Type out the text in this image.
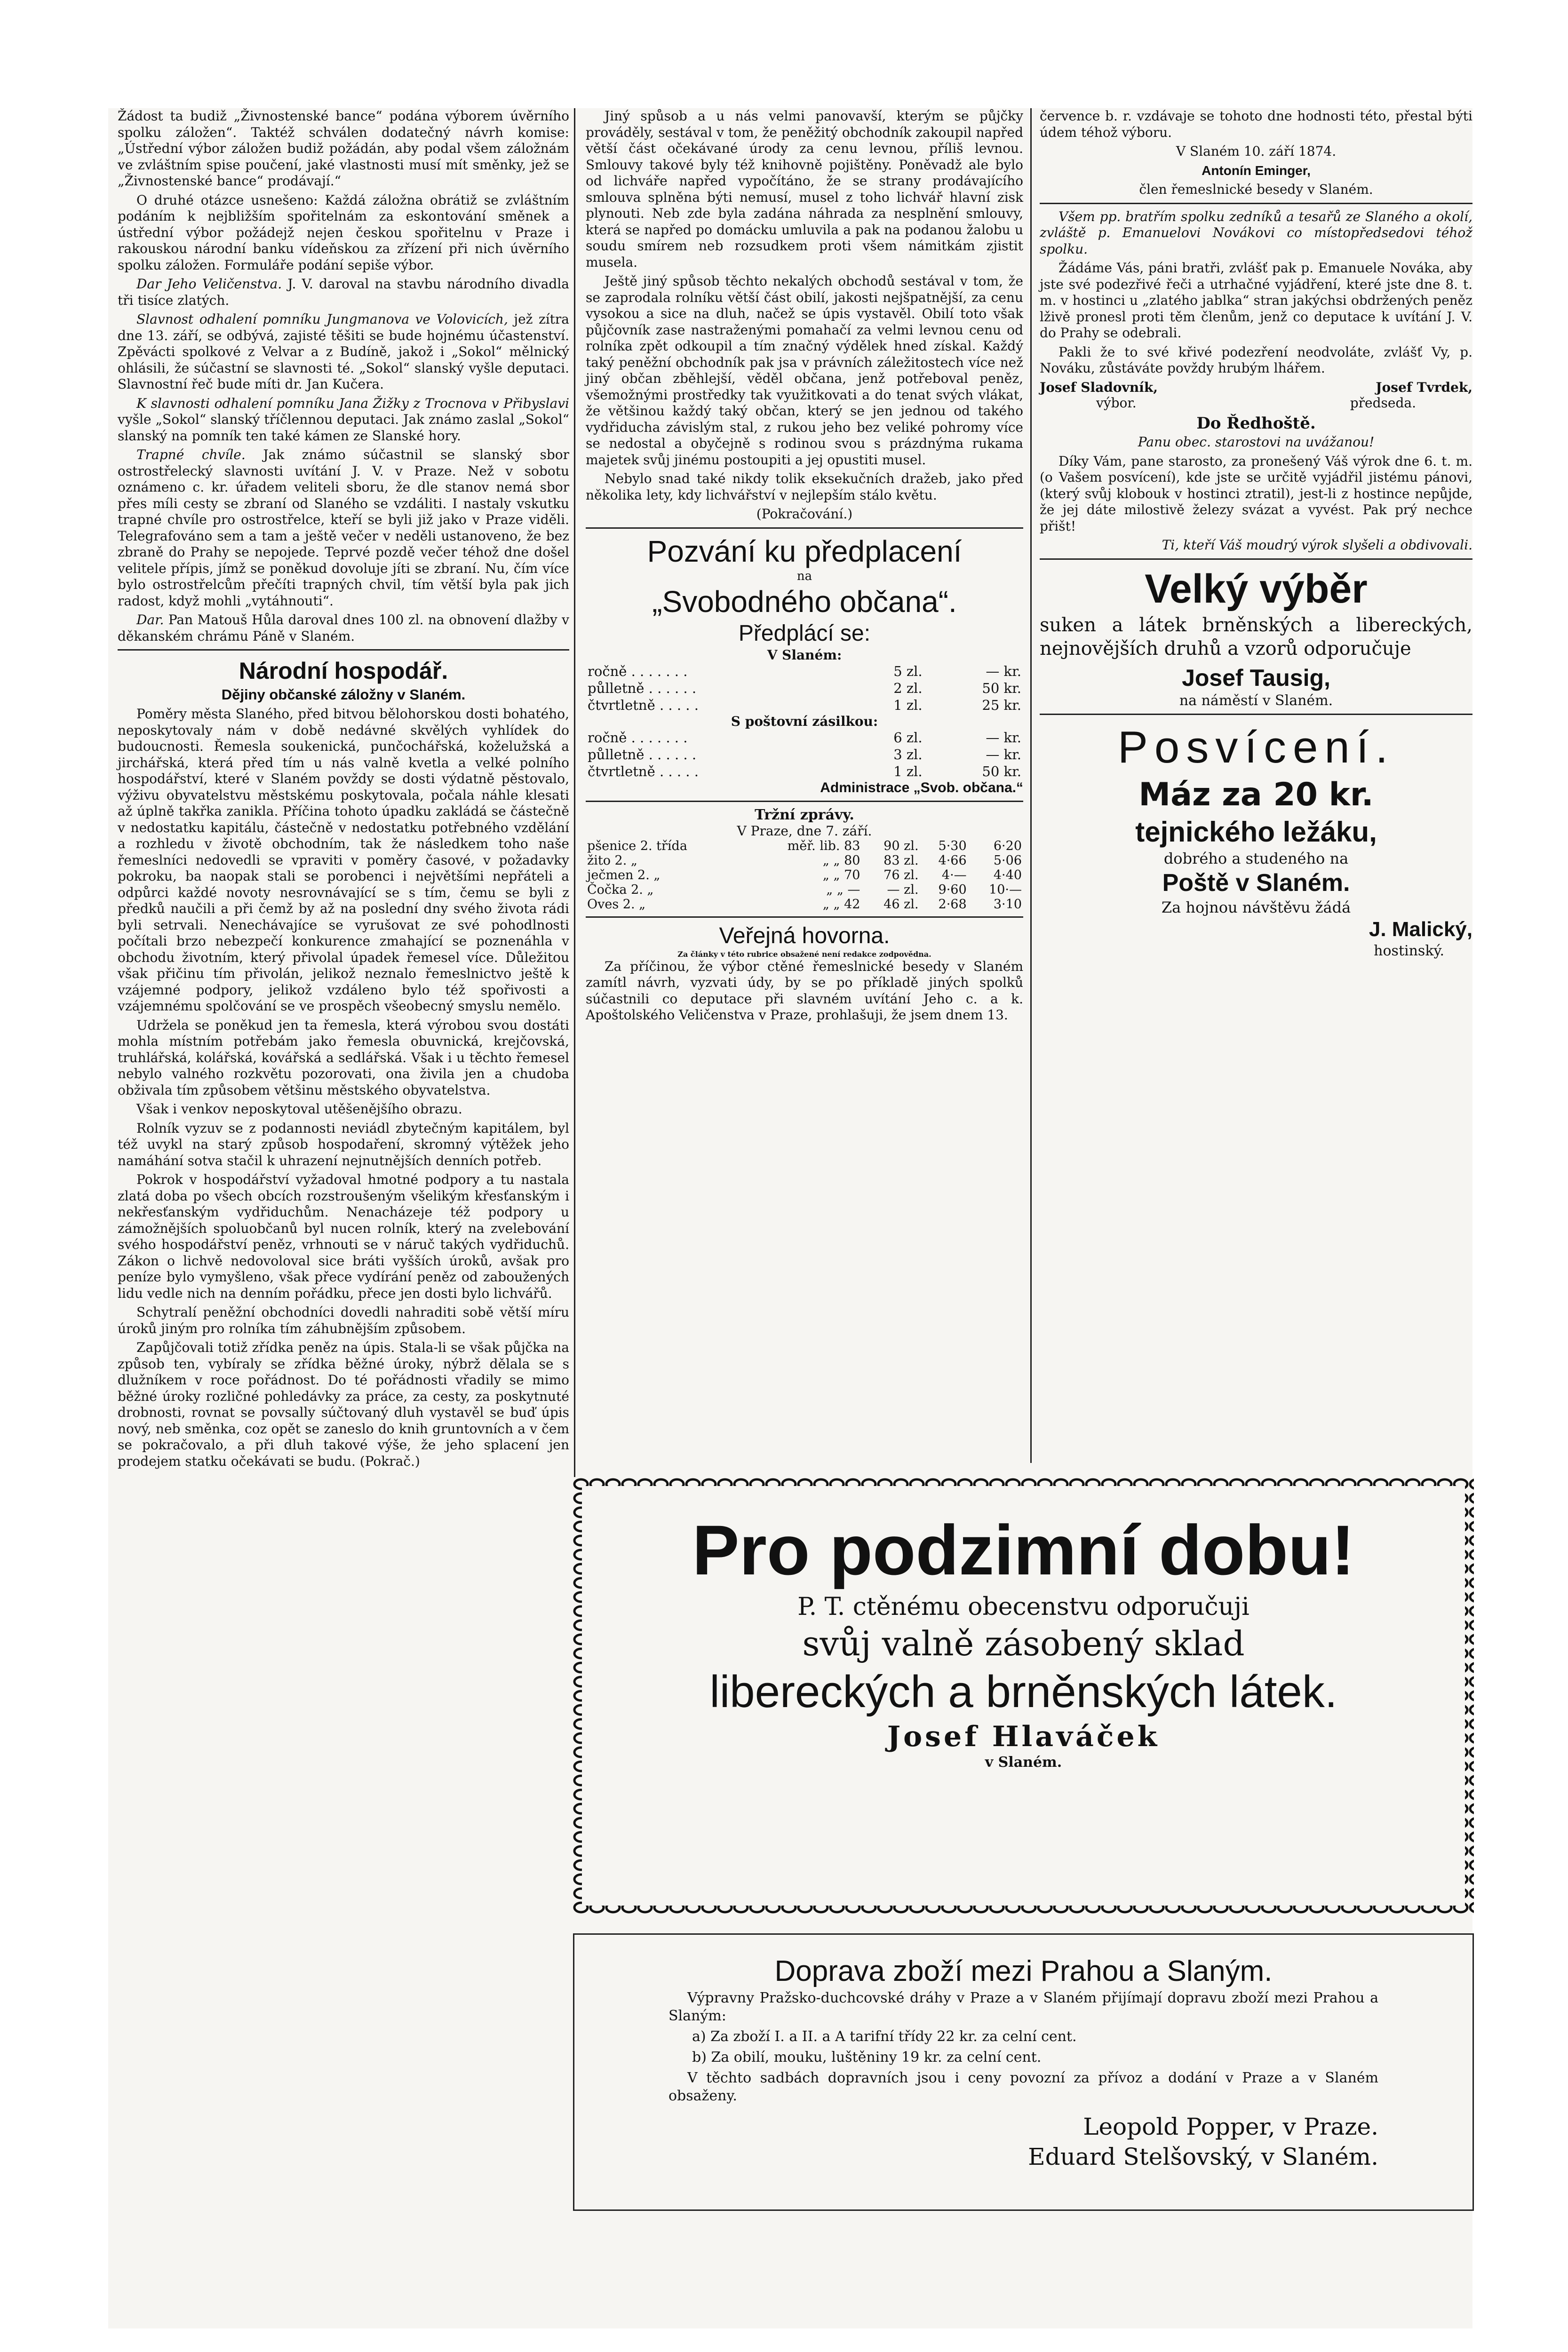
Žádost ta budiž „Živnostenské bance“ podána výborem úvěrního spolku záložen“. Taktéž schválen dodatečný návrh komise: „Ústřední výbor záložen budiž požádán, aby podal všem záložnám ve zvláštním spise poučení, jaké vlastnosti musí mít směnky, jež se „Živnostenské bance“ prodávají.“

O druhé otázce usnešeno: Každá záložna obrátiž se zvláštním podáním k nejbližším spořitelnám za eskontování směnek a ústřední výbor požádejž nejen českou spořitelnu v Praze i rakouskou národní banku vídeňskou za zřízení při nich úvěrního spolku záložen. Formuláře podání sepiše výbor.

Dar Jeho Veličenstva. J. V. daroval na stavbu národního divadla tři tisíce zlatých.

Slavnost odhalení pomníku Jungmanova ve Volovicích, jež zítra dne 13. září, se odbývá, zajisté těšiti se bude hojnému účastenství. Zpěvácti spolkové z Velvar a z Budíně, jakož i „Sokol“ mělnický ohlásili, že súčastní se slavnosti té. „Sokol“ slanský vyšle deputaci. Slavnostní řeč bude míti dr. Jan Kučera.

K slavnosti odhalení pomníku Jana Žižky z Trocnova v Přibyslavi vyšle „Sokol“ slanský tříčlennou deputaci. Jak známo zaslal „Sokol“ slanský na pomník ten také kámen ze Slanské hory.

Trapné chvíle. Jak známo súčastnil se slanský sbor ostrostřelecký slavnosti uvítání J. V. v Praze. Než v sobotu oznámeno c. kr. úřadem veliteli sboru, že dle stanov nemá sbor přes míli cesty se zbraní od Slaného se vzdáliti. I nastaly vskutku trapné chvíle pro ostrostřelce, kteří se byli již jako v Praze viděli. Telegrafováno sem a tam a ještě večer v neděli ustanoveno, že bez zbraně do Prahy se nepojede. Teprvé pozdě večer téhož dne došel velitele přípis, jímž se poněkud dovoluje jíti se zbraní. Nu, čím více bylo ostrostřelcům přečíti trapných chvil, tím větší byla pak jich radost, když mohli „vytáhnouti“.

Dar. Pan Matouš Hůla daroval dnes 100 zl. na obnovení dlažby v děkanském chrámu Páně v Slaném.

Národní hospodář.
Dějiny občanské záložny v Slaném.

Poměry města Slaného, před bitvou bělohorskou dosti bohatého, neposkytovaly nám v době nedávné skvělých vyhlídek do budoucnosti. Řemesla soukenická, punčochářská, koželužská a jirchářská, která před tím u nás valně kvetla a velké polního hospodářství, které v Slaném povždy se dosti výdatně pěstovalo, výživu obyvatelstvu městskému poskytovala, počala náhle klesati až úplně takřka zanikla. Příčina tohoto úpadku zakládá se částečně v nedostatku kapitálu, částečně v nedostatku potřebného vzdělání a rozhledu v životě obchodním, tak že následkem toho naše řemeslníci nedovedli se vpraviti v poměry časové, v požadavky pokroku, ba naopak stali se porobenci i největšími nepřáteli a odpůrci každé novoty nesrovnávající se s tím, čemu se byli z předků naučili a při čemž by až na poslední dny svého života rádi byli setrvali. Nenechávajíce se vyrušovat ze své pohodlnosti počítali brzo nebezpečí konkurence zmahající se poznenáhla v obchodu životním, který přivolal úpadek řemesel více. Důležitou však přičinu tím přivolán, jelikož neznalo řemeslnictvo ještě k vzájemné podpory, jelikož vzdáleno bylo též spořivosti a vzájemnému spolčování se ve prospěch všeobecný smyslu nemělo.

Udržela se poněkud jen ta řemesla, která výrobou svou dostáti mohla místním potřebám jako řemesla obuvnická, krejčovská, truhlářská, kolářská, kovářská a sedlářská. Však i u těchto řemesel nebylo valného rozkvětu pozorovati, ona živila jen a chudoba obživala tím způsobem většinu městského obyvatelstva.

Však i venkov neposkytoval utěšenějšího obrazu.

Rolník vyzuv se z podannosti neviádl zbytečným kapitálem, byl též uvykl na starý způsob hospodaření, skromný výtěžek jeho namáhání sotva stačil k uhrazení nejnutnějších denních potřeb.

Pokrok v hospodářství vyžadoval hmotné podpory a tu nastala zlatá doba po všech obcích rozstroušeným všelikým křesťanským i nekřesťanským vydřiduchům. Nenacházeje též podpory u zámožnějších spoluobčanů byl nucen rolník, který na zvelebování svého hospodářství peněz, vrhnouti se v náruč takých vydřiduchů. Zákon o lichvě nedovoloval sice bráti vyšších úroků, avšak pro peníze bylo vymyšleno, však přece vydírání peněz od zaboužených lidu vedle nich na denním pořádku, přece jen dosti bylo lichvářů.

Schytralí peněžní obchodníci dovedli nahraditi sobě větší míru úroků jiným pro rolníka tím záhubnějším způsobem.

Zapůjčovali totiž zřídka peněz na úpis. Stala-li se však půjčka na způsob ten, vybíraly se zřídka běžné úroky, nýbrž dělala se s dlužníkem v roce pořádnost. Do té pořádnosti vřadily se mimo běžné úroky rozličné pohledávky za práce, za cesty, za poskytnuté drobnosti, rovnat se povsally súčtovaný dluh vystavěl se buď úpis nový, neb směnka, coz opět se zaneslo do knih gruntovních a v čem se pokračovalo, a při dluh takové výše, že jeho splacení jen prodejem statku očekávati se budu. (Pokrač.)

Jiný spůsob a u nás velmi panovavší, kterým se půjčky prováděly, sestával v tom, že peněžitý obchodník zakoupil napřed větší část očekávané úrody za cenu levnou, příliš levnou. Smlouvy takové byly též knihovně pojištěny. Poněvadž ale bylo od lichváře napřed vypočítáno, že se strany prodávajícího smlouva splněna býti nemusí, musel z toho lichvář hlavní zisk plynouti. Neb zde byla zadána náhrada za nesplnění smlouvy, která se napřed po domácku umluvila a pak na podanou žalobu u soudu smírem neb rozsudkem proti všem námitkám zjistit musela.

Ještě jiný spůsob těchto nekalých obchodů sestával v tom, že se zaprodala rolníku větší část obilí, jakosti nejšpatnější, za cenu vysokou a sice na dluh, načež se úpis vystavěl. Obilí toto však půjčovník zase nastraženými pomahačí za velmi levnou cenu od rolníka zpět odkoupil a tím značný výdělek hned získal. Každý taký peněžní obchodník pak jsa v právních záležitostech více než jiný občan zběhlejší, věděl občana, jenž potřeboval peněz, všemožnými prostředky tak využitkovati a do tenat svých vlákat, že většinou každý taký občan, který se jen jednou od takého vydřiducha závislým stal, z rukou jeho bez veliké pohromy více se nedostal a obyčejně s rodinou svou s prázdnýma rukama majetek svůj jinému postoupiti a jej opustiti musel.

Nebylo snad také nikdy tolik eksekučních dražeb, jako před několika lety, kdy lichvářství v nejlepším stálo květu.

(Pokračování.)

Pozvání ku předplacení
na
„Svobodného občana“.
Předplácí se:
V Slaném:
ročně . . . . . . .	5 zl.	— kr.
půlletně . . . . . .	2 zl.	50 kr.
čtvrtletně . . . . .	1 zl.	25 kr.
S poštovní zásilkou:
ročně . . . . . . .	6 zl.	— kr.
půlletně . . . . . .	3 zl.	— kr.
čtvrtletně . . . . .	1 zl.	50 kr.
Administrace „Svob. občana.“
Tržní zprávy.
V Praze, dne 7. září.
pšenice 2. třída	měř. lib. 83	90 zl.	5·30	6·20
žito 2. „	„ „ 80	83 zl.	4·66	5·06
ječmen 2. „	„ „ 70	76 zl.	4·—	4·40
Čočka 2. „	„ „ —	— zl.	9·60	10·—
Oves 2. „	„ „ 42	46 zl.	2·68	3·10
Veřejná hovorna.
Za články v této rubrice obsažené není redakce zodpovědna.

Za příčinou, že výbor ctěné řemeslnické besedy v Slaném zamítl návrh, vyzvati údy, by se po příkladě jiných spolků súčastnili co deputace při slavném uvítání Jeho c. a k. Apoštolského Veličenstva v Praze, prohlašuji, že jsem dnem 13.

července b. r. vzdávaje se tohoto dne hodnosti této, přestal býti údem téhož výboru.

V Slaném 10. září 1874.

Antonín Eminger,

člen řemeslnické besedy v Slaném.

Všem pp. bratřím spolku zedníků a tesařů ze Slaného a okolí, zvláště p. Emanuelovi Novákovi co místopředsedovi téhož spolku.

Žádáme Vás, páni bratři, zvlášť pak p. Emanuele Nováka, aby jste své podezřivé řeči a utrhačné vyjádření, které jste dne 8. t. m. v hostinci u „zlatého jablka“ stran jakýchsi obdržených peněz lživě pronesl proti těm členům, jenž co deputace k uvítání J. V. do Prahy se odebrali.

Pakli že to své křivé podezření neodvoláte, zvlášť Vy, p. Nováku, zůstáváte povždy hrubým lhářem.

Josef Sladovník,	Josef Tvrdek,
výbor.	předseda.

Do Ředhoště.

Panu obec. starostovi na uvážanou!

Díky Vám, pane starosto, za pronešený Váš výrok dne 6. t. m. (o Vašem posvícení), kde jste se určitě vyjádřil jistému pánovi, (který svůj klobouk v hostinci ztratil), jest-li z hostince nepůjde, že jej dáte milostivě železy svázat a vyvést. Pak prý nechce přišt!

Ti, kteří Váš moudrý výrok slyšeli a obdivovali.

Velký výběr

suken a látek brněnských a libereckých, nejnovějších druhů a vzorů odporučuje

Josef Tausig,
na náměstí v Slaném.
Posvícení.
Máz za 20 kr.
tejnického ležáku,
dobrého a studeného na
Poště v Slaném.
Za hojnou návštěvu žádá
J. Malický,
hostinský.
Pro podzimní dobu!
P. T. ctěnému obecenstvu odporučuji
svůj valně zásobený sklad
libereckých a brněnských látek.
Josef Hlaváček
v Slaném.
Doprava zboží mezi Prahou a Slaným.

Výpravny Pražsko-duchcovské dráhy v Praze a v Slaném přijímají dopravu zboží mezi Prahou a Slaným:

a) Za zboží I. a II. a A tarifní třídy 22 kr. za celní cent.

b) Za obilí, mouku, luštěniny 19 kr. za celní cent.

V těchto sadbách dopravních jsou i ceny povozní za přívoz a dodání v Praze a v Slaném obsaženy.

Leopold Popper, v Praze.
Eduard Stelšovský, v Slaném.
